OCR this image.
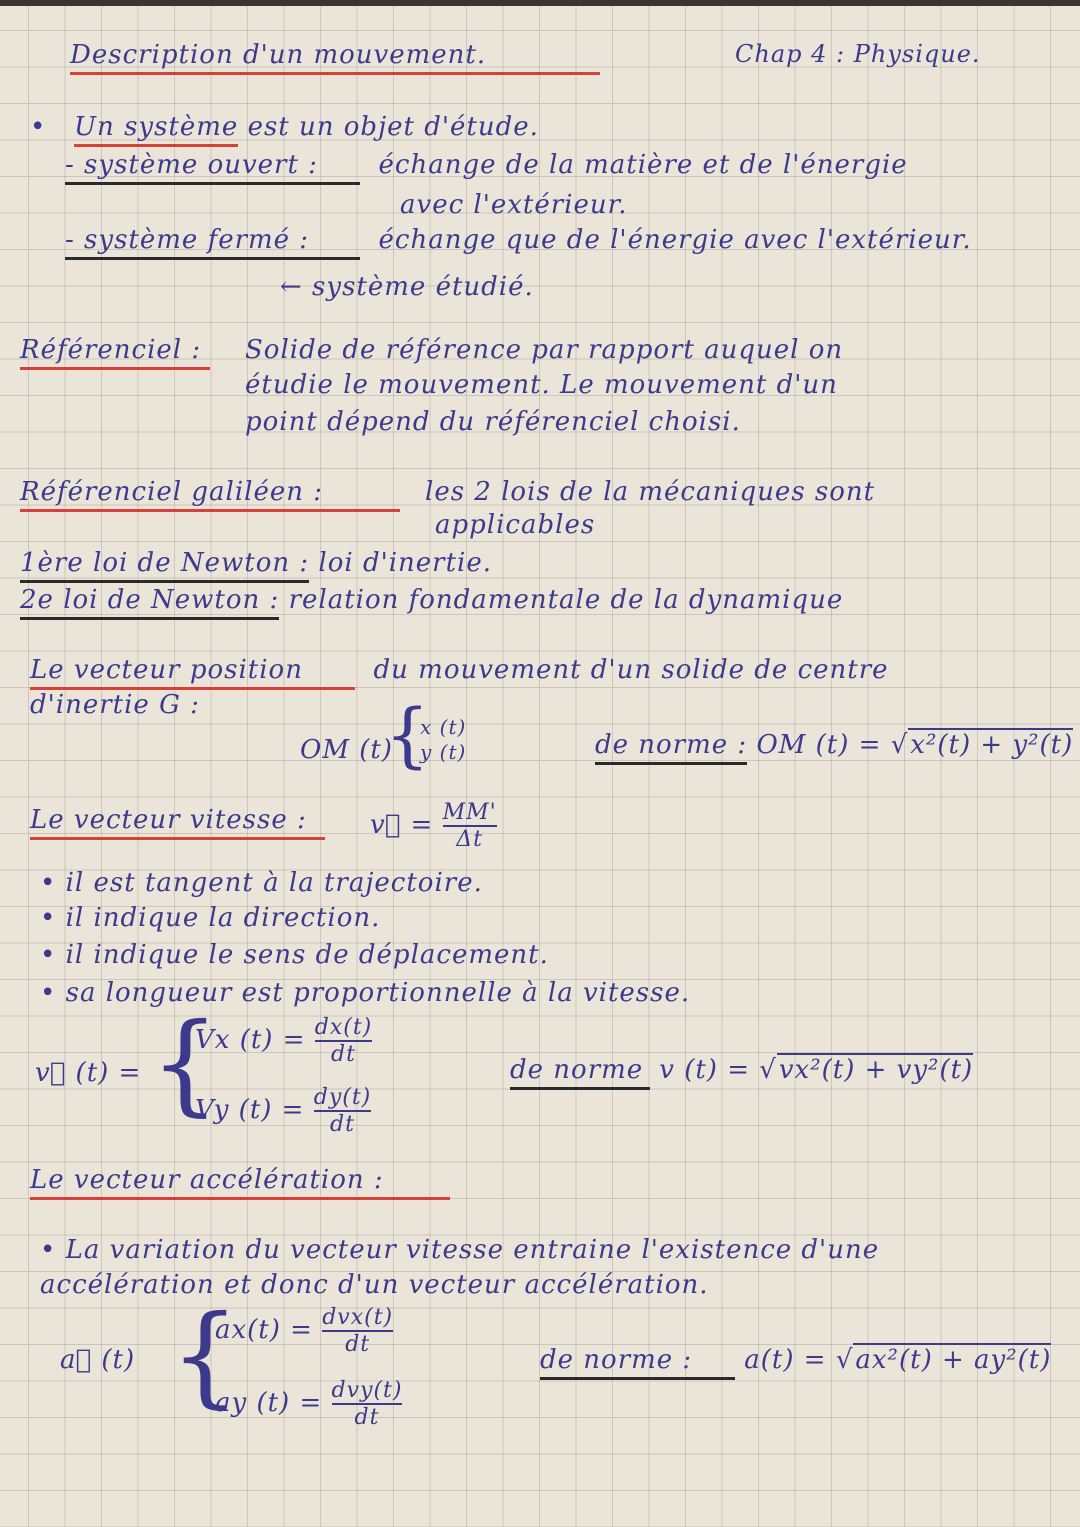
Description d'un mouvement.	Chap 4 : Physique.
•   Un système est un objet d'étude.
- système ouvert : échange de la matière et de l'énergie
avec l'extérieur.
- système fermé :	échange que de l'énergie avec l'extérieur.
← système étudié.
Référenciel :	Solide de référence par rapport auquel on
étudie le mouvement. Le mouvement d'un
point dépend du référenciel choisi.
Référenciel galiléen :	les 2 lois de la mécaniques sont
applicables
1ère loi de Newton : loi d'inertie.
2e loi de Newton : relation fondamentale de la dynamique
Le vecteur position	du mouvement d'un solide de centre
d'inertie G :
OM (t)
{
x (t)
y (t)	de norme : OM (t) = √x²(t) + y²(t)
Le vecteur vitesse :	v⃗ = $\frac{MM'}{\Delta t}$
• il est tangent à la trajectoire.
• il indique la direction.
• il indique le sens de déplacement.
• sa longueur est proportionnelle à la vitesse.
v⃗ (t) = {
Vx $(t) = \frac{dx(t)}{dt}$
Vy $(t) = \frac{dy(t)}{dt}$
de norme v (t) = √vx²(t) + vy²(t)
Le vecteur accélération :
• La variation du vecteur vitesse entraine l'existence d'une
accélération et donc d'un vecteur accélération.
a⃗ (t) {
$ax(t) = \frac{\text{dvx(t)}}{dt}$
ay $(t) = \frac{\text{dvy(t)}}{dt}$
de norme : a(t) = √ax²(t) + ay²(t)
